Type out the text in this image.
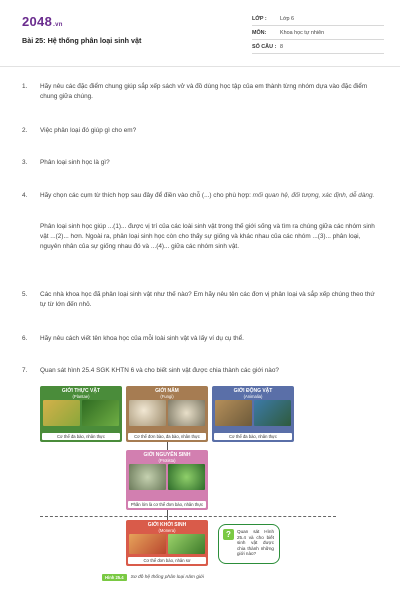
2048.vn
Bài 25: Hệ thống phân loại sinh vật
LỚP :	Lớp 6
MÔN:	Khoa học tự nhiên
SỐ CÂU : 8
1. Hãy nêu các đặc điểm chung giúp sắp xếp sách vở và đồ dùng học tập của em thành từng nhóm dựa vào đặc điểm chung giữa chúng.
2. Việc phân loại đó giúp gì cho em?
3. Phân loại sinh học là gì?
4. Hãy chọn các cụm từ thích hợp sau đây để điền vào chỗ (...) cho phù hợp: mối quan hệ, đối tượng, xác định, dễ dàng.
Phân loại sinh học giúp ...(1)... được vị trí của các loài sinh vật trong thế giới sống và tìm ra chúng giữa các nhóm sinh vật ...(2)... hơn. Ngoài ra, phân loại sinh học còn cho thấy sự giống và khác nhau của các nhóm ...(3)... phân loại, nguyên nhân của sự giống nhau đó và ...(4)... giữa các nhóm sinh vật.
5. Các nhà khoa học đã phân loại sinh vật như thế nào? Em hãy nêu tên các đơn vị phân loại và sắp xếp chúng theo thứ tự từ lớn đến nhỏ.
6. Hãy nêu cách viết tên khoa học của mỗi loài sinh vật và lấy ví dụ cụ thể.
7. Quan sát hình 25.4 SGK KHTN 6 và cho biết sinh vật được chia thành các giới nào?
GIỚI THỰC VẬT
(Plantae)
Cơ thể đa bào, nhân thực
GIỚI NẤM
(Fungi)
Cơ thể đơn bào, đa bào, nhân thực
GIỚI ĐỘNG VẬT
(Animalia)
Cơ thể đa bào, nhân thực
GIỚI NGUYÊN SINH
(Protista)
Phần lớn là cơ thể đơn bào, nhân thực
GIỚI KHỞI SINH
(Monera)
Cơ thể đơn bào, nhân sơ
?	Quan sát Hình 25.4 và cho biết sinh vật được chia thành những giới nào?
Hình 25.4	Sơ đồ hệ thống phân loại năm giới
